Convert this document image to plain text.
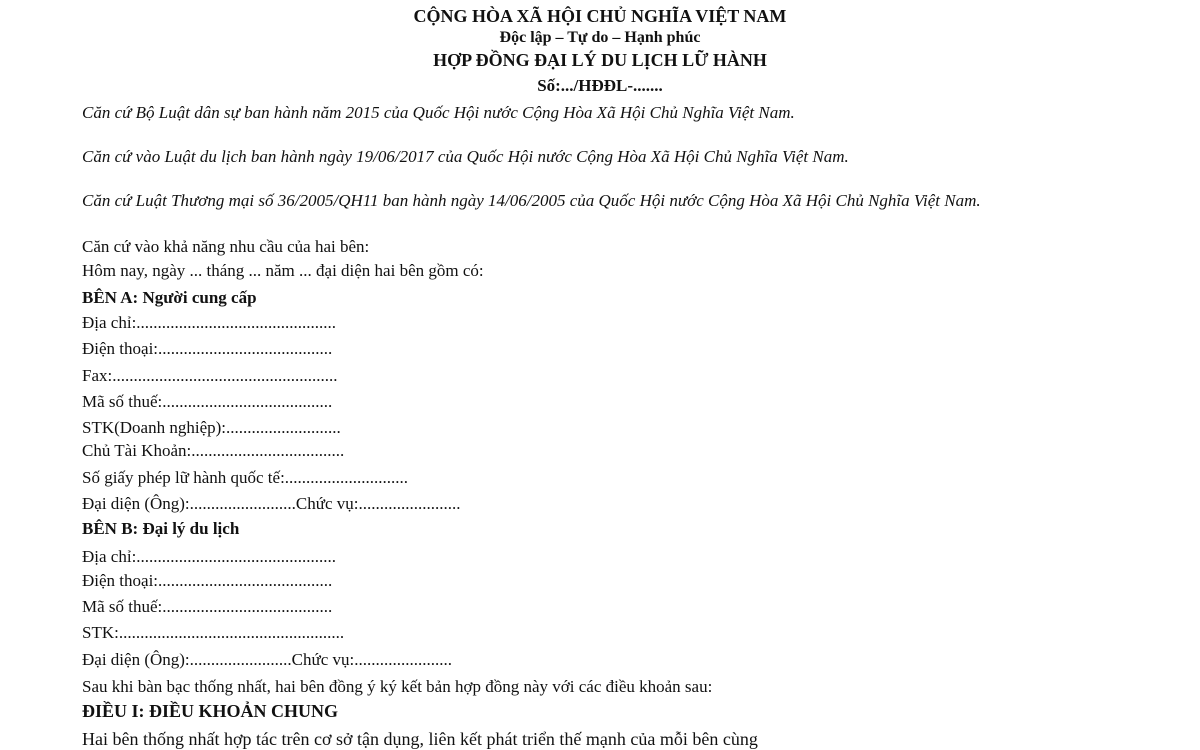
CỘNG HÒA XÃ HỘI CHỦ NGHĨA VIỆT NAM
Độc lập – Tự do – Hạnh phúc
HỢP ĐỒNG ĐẠI LÝ DU LỊCH LỮ HÀNH
Số:.../HĐĐL-.......
Căn cứ Bộ Luật dân sự ban hành năm 2015 của Quốc Hội nước Cộng Hòa Xã Hội Chủ Nghĩa Việt Nam.
Căn cứ vào Luật du lịch ban hành ngày 19/06/2017 của Quốc Hội nước Cộng Hòa Xã Hội Chủ Nghĩa Việt Nam.
Căn cứ Luật Thương mại số 36/2005/QH11 ban hành ngày 14/06/2005 của Quốc Hội nước Cộng Hòa Xã Hội Chủ Nghĩa Việt Nam.
Căn cứ vào khả năng nhu cầu của hai bên:
Hôm nay, ngày ... tháng ... năm ... đại diện hai bên gồm có:
BÊN A: Người cung cấp
Địa chỉ:...............................................
Điện thoại:.........................................
Fax:.....................................................
Mã số thuế:........................................
STK(Doanh nghiệp):...........................
Chủ Tài Khoản:....................................
Số giấy phép lữ hành quốc tế:.............................
Đại diện (Ông):.........................Chức vụ:........................
BÊN B: Đại lý du lịch
Địa chỉ:...............................................
Điện thoại:.........................................
Mã số thuế:........................................
STK:.....................................................
Đại diện (Ông):........................Chức vụ:.......................
Sau khi bàn bạc thống nhất, hai bên đồng ý ký kết bản hợp đồng này với các điều khoản sau:
ĐIỀU I: ĐIỀU KHOẢN CHUNG
Hai bên thống nhất hợp tác trên cơ sở tận dụng, liên kết phát triển thế mạnh của mỗi bên cùng
